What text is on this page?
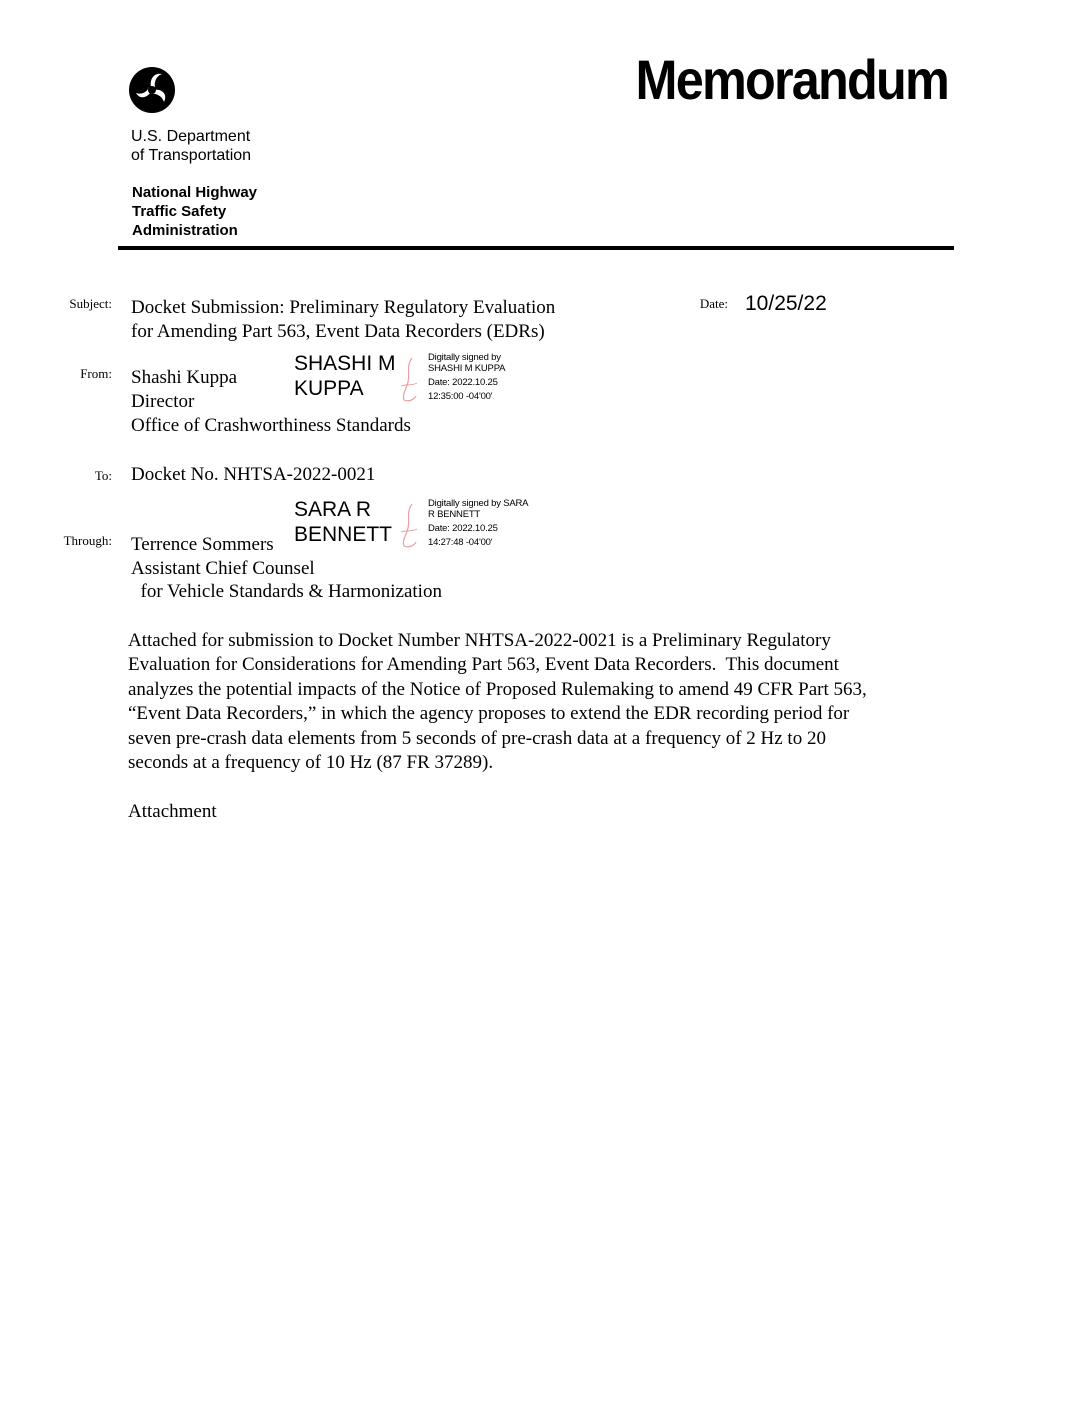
Memorandum
U.S. Department
of Transportation
National Highway
Traffic Safety
Administration
Subject: Docket Submission: Preliminary Regulatory Evaluation
for Amending Part 563, Event Data Recorders (EDRs)
Date: 10/25/22
From: Shashi Kuppa
Director
Office of Crashworthiness Standards
SHASHI M
KUPPA
Digitally signed by
SHASHI M KUPPA
Date: 2022.10.25
12:35:00 -04'00'
To: Docket No. NHTSA-2022-0021
SARA R
BENNETT
Digitally signed by SARA
R BENNETT
Date: 2022.10.25
14:27:48 -04'00'
Through: Terrence Sommers
Assistant Chief Counsel
for Vehicle Standards & Harmonization
Attached for submission to Docket Number NHTSA-2022-0021 is a Preliminary Regulatory
Evaluation for Considerations for Amending Part 563, Event Data Recorders.  This document
analyzes the potential impacts of the Notice of Proposed Rulemaking to amend 49 CFR Part 563,
“Event Data Recorders,” in which the agency proposes to extend the EDR recording period for
seven pre-crash data elements from 5 seconds of pre-crash data at a frequency of 2 Hz to 20
seconds at a frequency of 10 Hz (87 FR 37289).
Attachment
